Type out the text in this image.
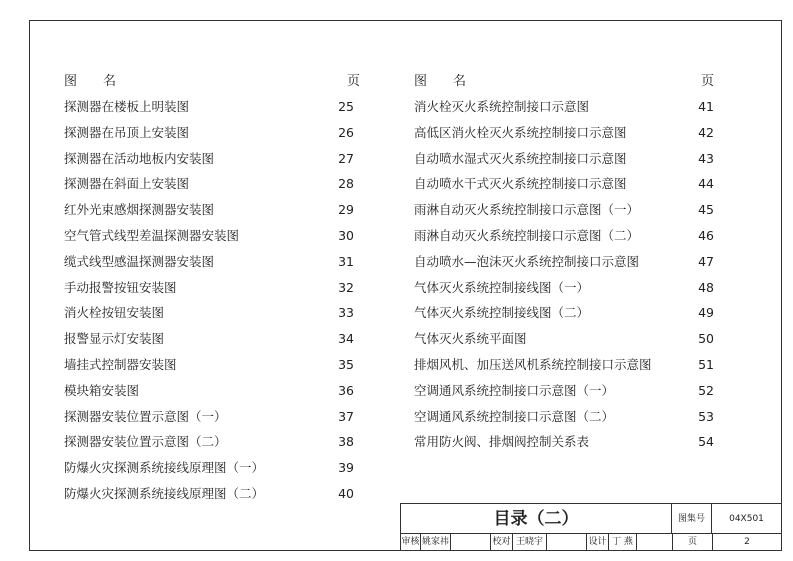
图　　名	页
探测器在楼板上明装图	25
探测器在吊顶上安装图	26
探测器在活动地板内安装图	27
探测器在斜面上安装图	28
红外光束感烟探测器安装图	29
空气管式线型差温探测器安装图	30
缆式线型感温探测器安装图	31
手动报警按钮安装图	32
消火栓按钮安装图	33
报警显示灯安装图	34
墙挂式控制器安装图	35
模块箱安装图	36
探测器安装位置示意图（一）	37
探测器安装位置示意图（二）	38
防爆火灾探测系统接线原理图（一）	39
防爆火灾探测系统接线原理图（二）	40
图　　名	页
消火栓灭火系统控制接口示意图	41
高低区消火栓灭火系统控制接口示意图	42
自动喷水湿式灭火系统控制接口示意图	43
自动喷水干式灭火系统控制接口示意图	44
雨淋自动灭火系统控制接口示意图（一）	45
雨淋自动灭火系统控制接口示意图（二）	46
自动喷水—泡沫灭火系统控制接口示意图	47
气体灭火系统控制接线图（一）	48
气体灭火系统控制接线图（二）	49
气体灭火系统平面图	50
排烟风机、加压送风机系统控制接口示意图	51
空调通风系统控制接口示意图（一）	52
空调通风系统控制接口示意图（二）	53
常用防火阀、排烟阀控制关系表	54
目录（二）	图集号	04X501
审核 姚家祎	校对 王晓宇	设计 丁 燕	页	2
